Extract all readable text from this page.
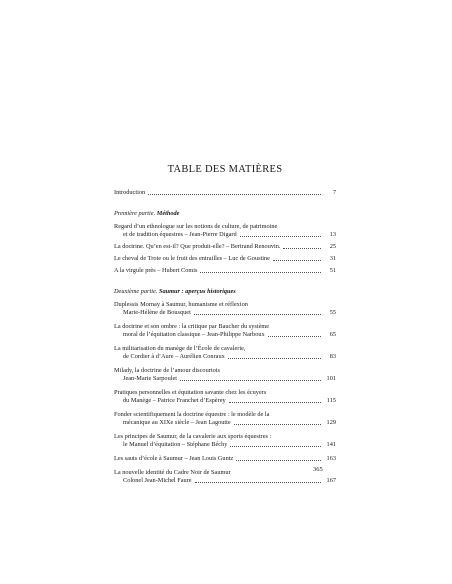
TABLE DES MATIÈRES
Introduction	7
Première partie. Méthode
Regard d’un ethnologue sur les notions de culture, de patrimoine
et de tradition équestres – Jean-Pierre Digard	13
La doctrine. Qu’en est-il? Que produit-elle? – Bertrand Renouvin.	25
Le cheval de Troie ou le fruit des entrailles – Luc de Goustine	31
A la virgule près – Hubert Comis	51
Deuxième partie. Saumur : aperçus historiques
Duplessis Mornay à Saumur, humanisme et réflexion
Marie-Hélène de Bousquet	55
La doctrine et son ombre : la critique par Baucher du système
moral de l’équitation classique – Jean-Philippe Narboux	65
La militarisation du manège de l’École de cavalerie,
de Cordier à d’Aure – Aurélien Conraux	83
Milady, la doctrine de l’amour discourtois
Jean-Marie Sarpoulet	101
Pratiques personnelles et équitation savante chez les écuyers
du Manège – Patrice Franchet d’Espèrey	115
Fonder scientifiquement la doctrine équestre : le modèle de la
mécanique au XIXe siècle – Jean Lagoutte	129
Les principes de Saumur, de la cavalerie aux sports équestres :
le Manuel d’équitation – Stéphane Béchy	141
Les sauts d’école à Saumur – Jean Louis Guntz	163
La nouvelle identité du Cadre Noir de Saumur
Colonel Jean-Michel Faure	167
365
